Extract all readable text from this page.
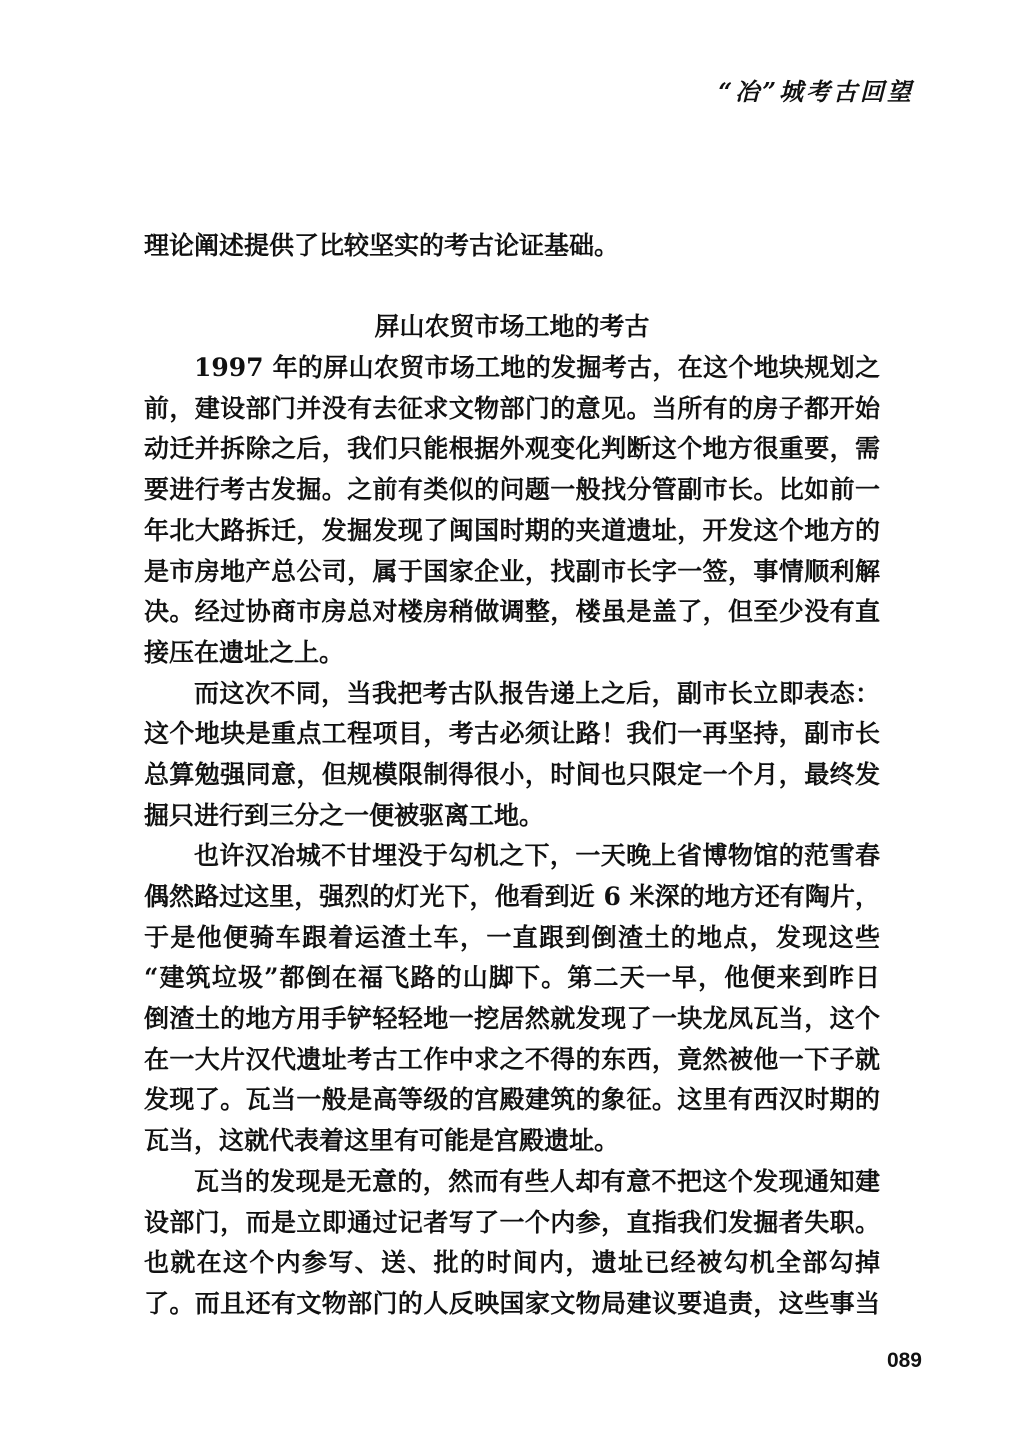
“冶”城考古回望
理论阐述提供了比较坚实的考古论证基础。
屏山农贸市场工地的考古
1997 年的屏山农贸市场工地的发掘考古，在这个地块规划之
前，建设部门并没有去征求文物部门的意见。当所有的房子都开始
动迁并拆除之后，我们只能根据外观变化判断这个地方很重要，需
要进行考古发掘。之前有类似的问题一般找分管副市长。比如前一
年北大路拆迁，发掘发现了闽国时期的夹道遗址，开发这个地方的
是市房地产总公司，属于国家企业，找副市长字一签，事情顺利解
决。经过协商市房总对楼房稍做调整，楼虽是盖了，但至少没有直
接压在遗址之上。
而这次不同，当我把考古队报告递上之后，副市长立即表态：
这个地块是重点工程项目，考古必须让路！我们一再坚持，副市长
总算勉强同意，但规模限制得很小，时间也只限定一个月，最终发
掘只进行到三分之一便被驱离工地。
也许汉冶城不甘埋没于勾机之下，一天晚上省博物馆的范雪春
偶然路过这里，强烈的灯光下，他看到近 6 米深的地方还有陶片，
于是他便骑车跟着运渣土车，一直跟到倒渣土的地点，发现这些
“建筑垃圾”都倒在福飞路的山脚下。第二天一早，他便来到昨日
倒渣土的地方用手铲轻轻地一挖居然就发现了一块龙凤瓦当，这个
在一大片汉代遗址考古工作中求之不得的东西，竟然被他一下子就
发现了。瓦当一般是高等级的宫殿建筑的象征。这里有西汉时期的
瓦当，这就代表着这里有可能是宫殿遗址。
瓦当的发现是无意的，然而有些人却有意不把这个发现通知建
设部门，而是立即通过记者写了一个内参，直指我们发掘者失职。
也就在这个内参写、送、批的时间内，遗址已经被勾机全部勾掉
了。而且还有文物部门的人反映国家文物局建议要追责，这些事当
089
